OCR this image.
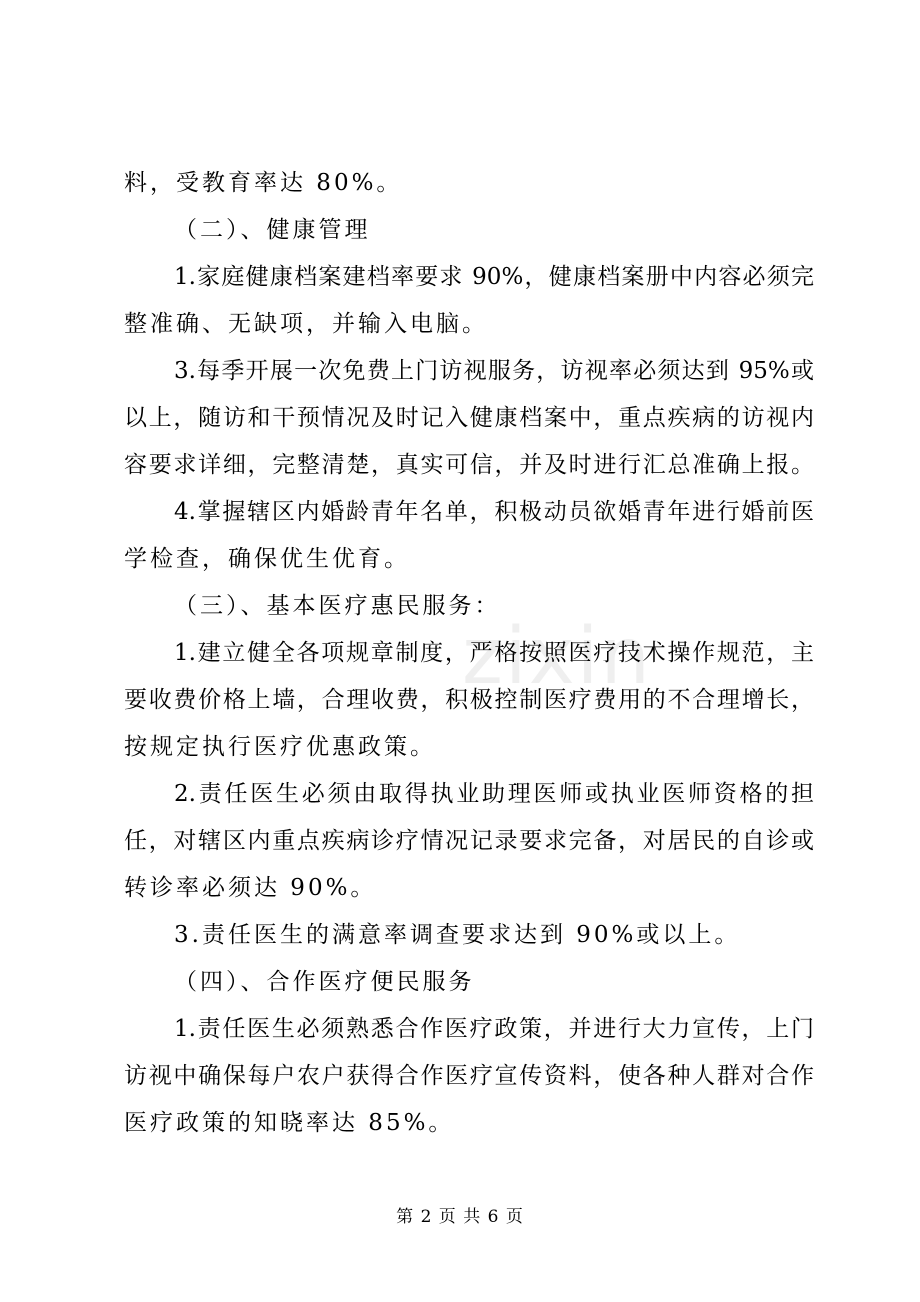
zixin
料，受教育率达 80%。
（二）、健康管理
1.家庭健康档案建档率要求 90%，健康档案册中内容必须完
整准确、无缺项，并输入电脑。
3.每季开展一次免费上门访视服务，访视率必须达到 95%或
以上，随访和干预情况及时记入健康档案中，重点疾病的访视内
容要求详细，完整清楚，真实可信，并及时进行汇总准确上报。
4.掌握辖区内婚龄青年名单，积极动员欲婚青年进行婚前医
学检查，确保优生优育。
（三）、基本医疗惠民服务：
1.建立健全各项规章制度，严格按照医疗技术操作规范，主
要收费价格上墙，合理收费，积极控制医疗费用的不合理增长，
按规定执行医疗优惠政策。
2.责任医生必须由取得执业助理医师或执业医师资格的担
任，对辖区内重点疾病诊疗情况记录要求完备，对居民的自诊或
转诊率必须达 90%。
3.责任医生的满意率调查要求达到 90%或以上。
（四）、合作医疗便民服务
1.责任医生必须熟悉合作医疗政策，并进行大力宣传，上门
访视中确保每户农户获得合作医疗宣传资料，使各种人群对合作
医疗政策的知晓率达 85%。
第 2 页 共 6 页
